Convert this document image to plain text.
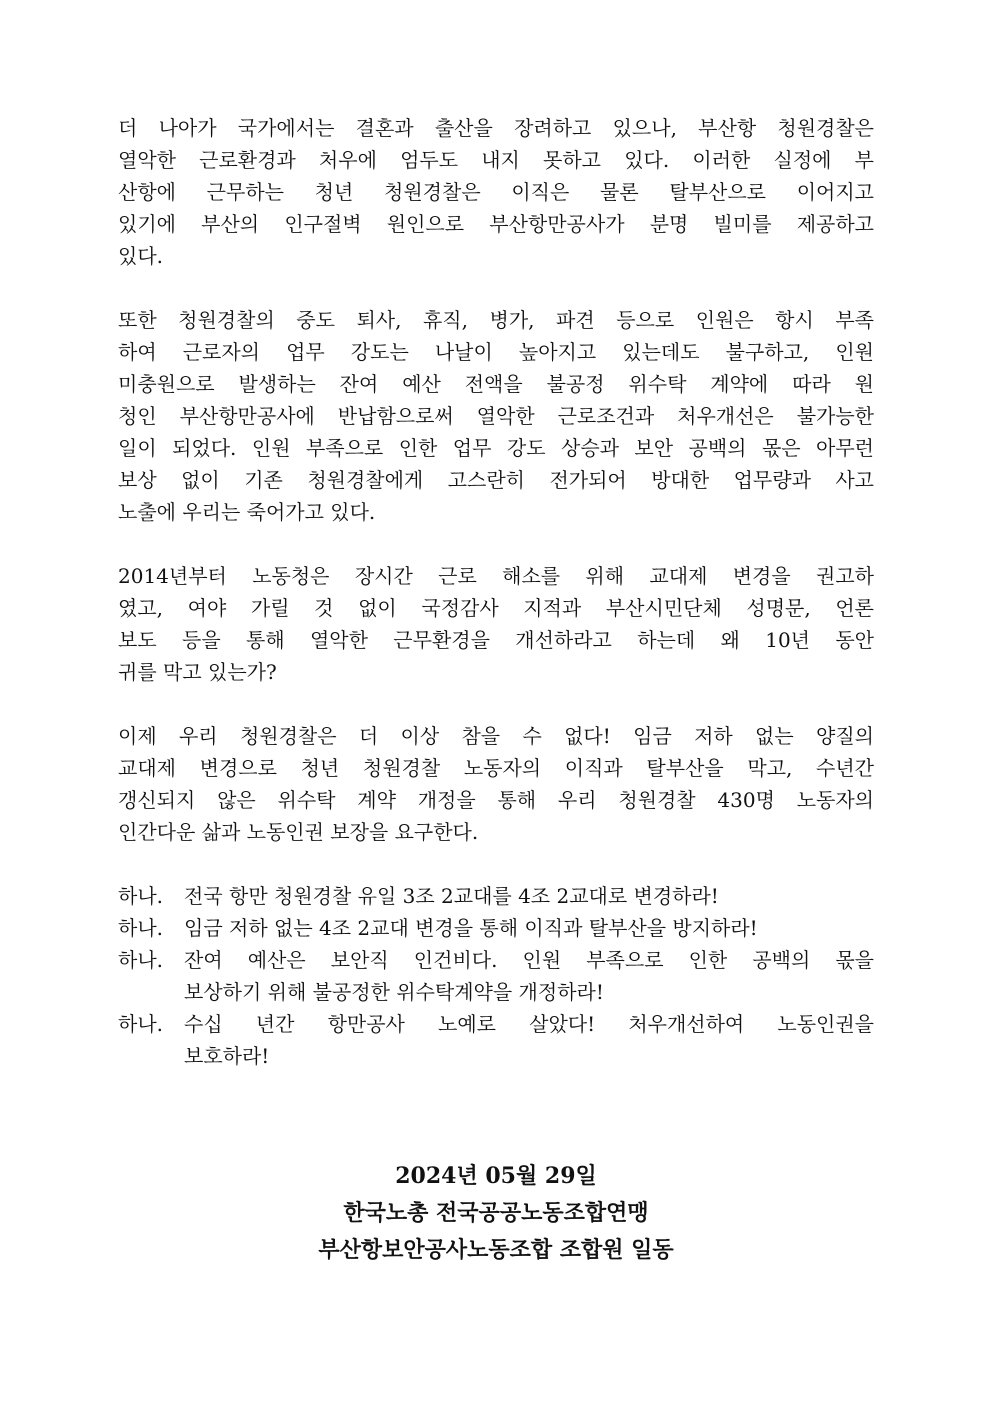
더 나아가 국가에서는 결혼과 출산을 장려하고 있으나, 부산항 청원경찰은
열악한 근로환경과 처우에 엄두도 내지 못하고 있다. 이러한 실정에 부
산항에 근무하는 청년 청원경찰은 이직은 물론 탈부산으로 이어지고
있기에 부산의 인구절벽 원인으로 부산항만공사가 분명 빌미를 제공하고
있다.

또한 청원경찰의 중도 퇴사, 휴직, 병가, 파견 등으로 인원은 항시 부족
하여 근로자의 업무 강도는 나날이 높아지고 있는데도 불구하고, 인원
미충원으로 발생하는 잔여 예산 전액을 불공정 위수탁 계약에 따라 원
청인 부산항만공사에 반납함으로써 열악한 근로조건과 처우개선은 불가능한
일이 되었다. 인원 부족으로 인한 업무 강도 상승과 보안 공백의 몫은 아무런
보상 없이 기존 청원경찰에게 고스란히 전가되어 방대한 업무량과 사고
노출에 우리는 죽어가고 있다.

2014년부터 노동청은 장시간 근로 해소를 위해 교대제 변경을 권고하
였고, 여야 가릴 것 없이 국정감사 지적과 부산시민단체 성명문, 언론
보도 등을 통해 열악한 근무환경을 개선하라고 하는데 왜 10년 동안
귀를 막고 있는가?

이제 우리 청원경찰은 더 이상 참을 수 없다! 임금 저하 없는 양질의
교대제 변경으로 청년 청원경찰 노동자의 이직과 탈부산을 막고, 수년간
갱신되지 않은 위수탁 계약 개정을 통해 우리 청원경찰 430명 노동자의
인간다운 삶과 노동인권 보장을 요구한다.

하나.	전국 항만 청원경찰 유일 3조 2교대를 4조 2교대로 변경하라!
하나.	임금 저하 없는 4조 2교대 변경을 통해 이직과 탈부산을 방지하라!
하나.	잔여 예산은 보안직 인건비다. 인원 부족으로 인한 공백의 몫을
보상하기 위해 불공정한 위수탁계약을 개정하라!
하나.	수십 년간 항만공사 노예로 살았다! 처우개선하여 노동인권을
보호하라!
2024년 05월 29일
한국노총 전국공공노동조합연맹
부산항보안공사노동조합 조합원 일동
